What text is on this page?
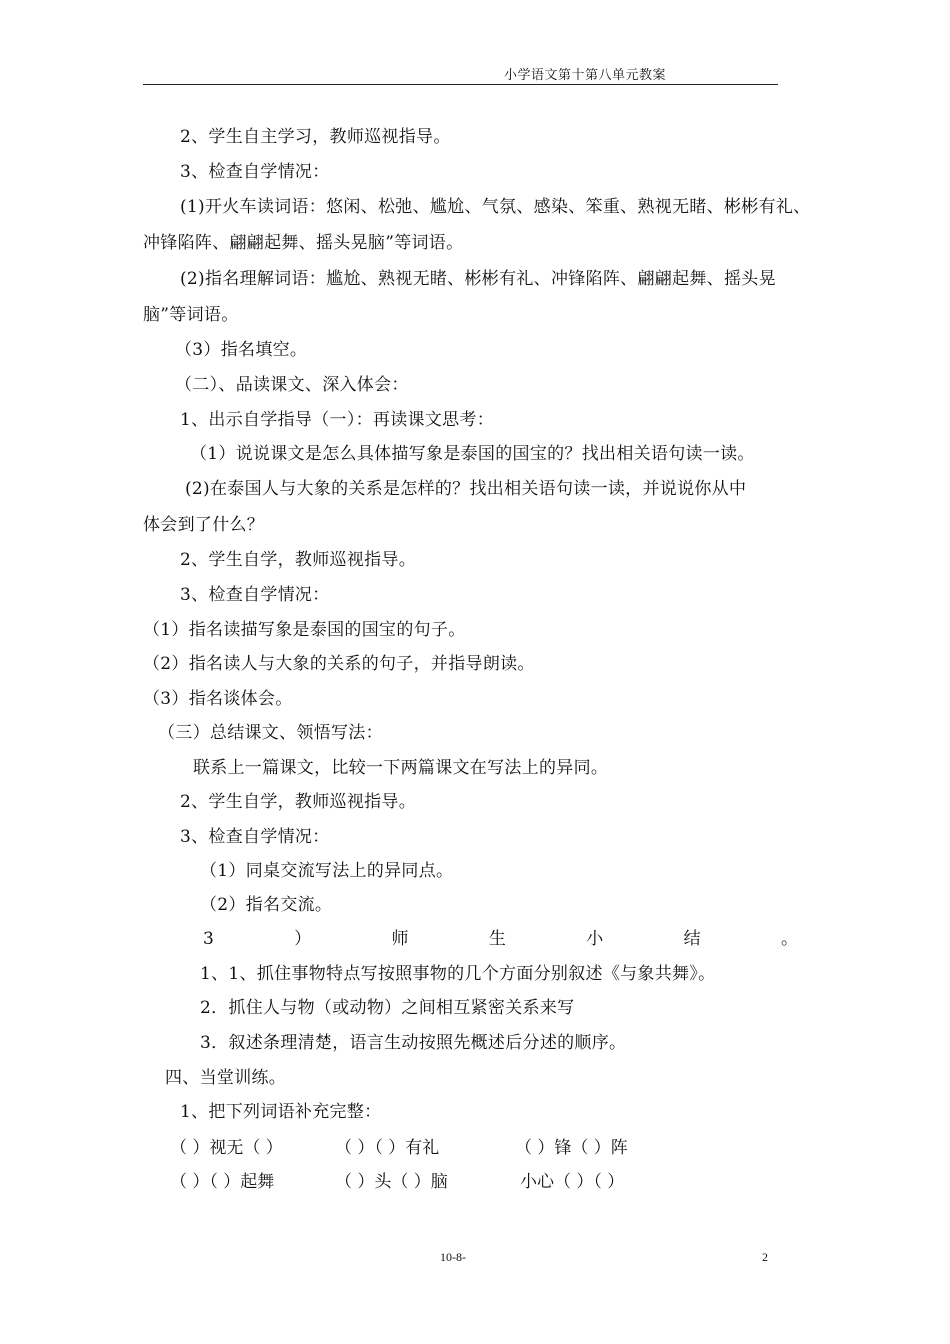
小学语文第十第八单元教案
2、学生自主学习，教师巡视指导。
3、检查自学情况：
(1)开火车读词语：悠闲、松弛、尴尬、气氛、感染、笨重、熟视无睹、彬彬有礼、
冲锋陷阵、翩翩起舞、摇头晃脑”等词语。
(2)指名理解词语：尴尬、熟视无睹、彬彬有礼、冲锋陷阵、翩翩起舞、摇头晃
脑”等词语。
（3）指名填空。
（二）、品读课文、深入体会：
1、出示自学指导（一）：再读课文思考：
（1）说说课文是怎么具体描写象是泰国的国宝的？找出相关语句读一读。
(2)在泰国人与大象的关系是怎样的？找出相关语句读一读，并说说你从中
体会到了什么？
2、学生自学，教师巡视指导。
3、检查自学情况：
（1）指名读描写象是泰国的国宝的句子。
（2）指名读人与大象的关系的句子，并指导朗读。
（3）指名谈体会。
（三）总结课文、领悟写法：
联系上一篇课文，比较一下两篇课文在写法上的异同。
2、学生自学，教师巡视指导。
3、检查自学情况：
（1）同桌交流写法上的异同点。
（2）指名交流。
3	）	师	生	小	结	。
1、1、抓住事物特点写按照事物的几个方面分别叙述《与象共舞》。
2．抓住人与物（或动物）之间相互紧密关系来写
3．叙述条理清楚，语言生动按照先概述后分述的顺序。
四、当堂训练。
1、把下列词语补充完整：
（ ）视无（ ）	（ ）（ ）有礼	（ ）锋（ ）阵
（ ）（ ）起舞	（ ）头（ ）脑	小心（ ）（ ）
10-8-	2
